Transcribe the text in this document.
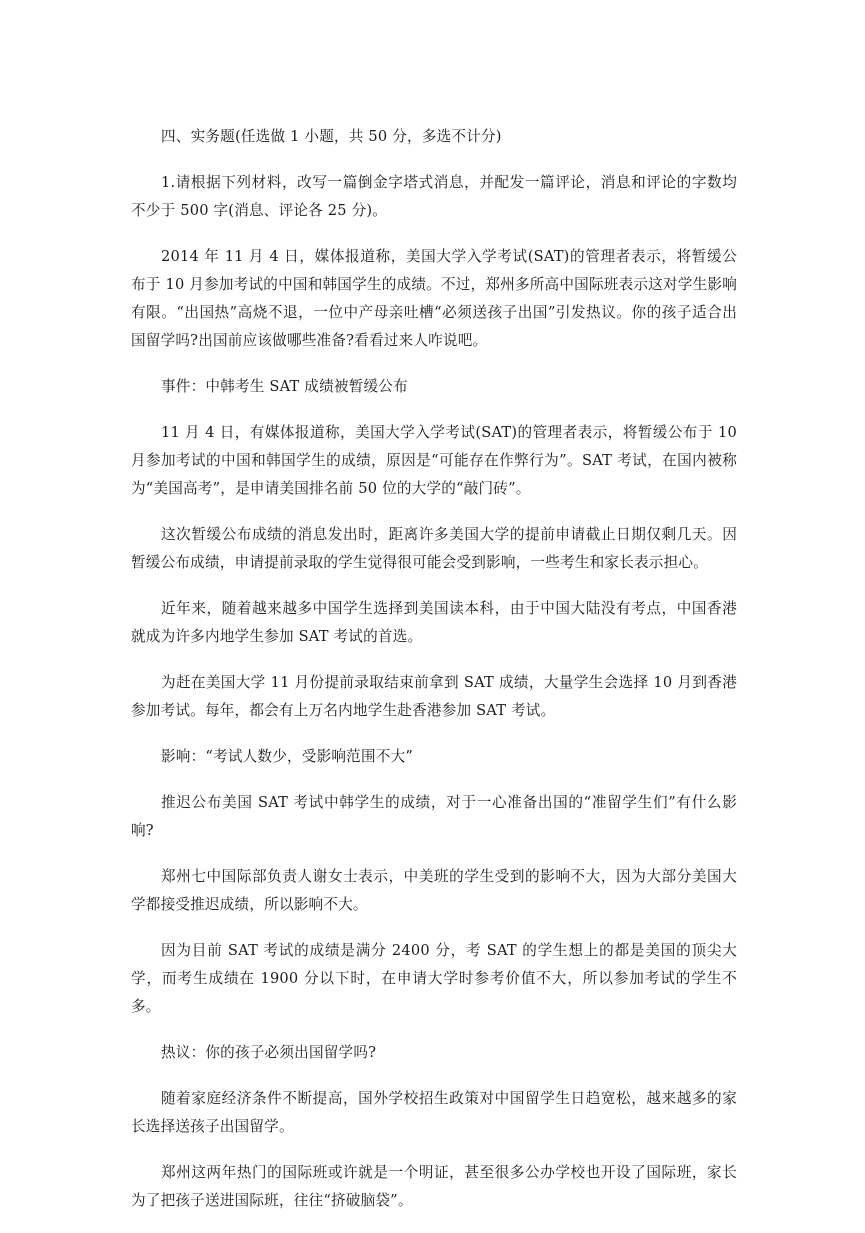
四、实务题(任选做 1 小题，共 50 分，多选不计分)

1.请根据下列材料，改写一篇倒金字塔式消息，并配发一篇评论，消息和评论的字数均不少于 500 字(消息、评论各 25 分)。

2014 年 11 月 4 日，媒体报道称，美国大学入学考试(SAT)的管理者表示，将暂缓公布于 10 月参加考试的中国和韩国学生的成绩。不过，郑州多所高中国际班表示这对学生影响有限。“出国热”高烧不退，一位中产母亲吐槽“必须送孩子出国”引发热议。你的孩子适合出国留学吗?出国前应该做哪些准备?看看过来人咋说吧。

事件：中韩考生 SAT 成绩被暂缓公布

11 月 4 日，有媒体报道称，美国大学入学考试(SAT)的管理者表示，将暂缓公布于 10 月参加考试的中国和韩国学生的成绩，原因是“可能存在作弊行为”。SAT 考试，在国内被称为“美国高考”，是申请美国排名前 50 位的大学的“敲门砖”。

这次暂缓公布成绩的消息发出时，距离许多美国大学的提前申请截止日期仅剩几天。因暂缓公布成绩，申请提前录取的学生觉得很可能会受到影响，一些考生和家长表示担心。

近年来，随着越来越多中国学生选择到美国读本科，由于中国大陆没有考点，中国香港就成为许多内地学生参加 SAT 考试的首选。

为赶在美国大学 11 月份提前录取结束前拿到 SAT 成绩，大量学生会选择 10 月到香港参加考试。每年，都会有上万名内地学生赴香港参加 SAT 考试。

影响：“考试人数少，受影响范围不大”

推迟公布美国 SAT 考试中韩学生的成绩，对于一心准备出国的“准留学生们”有什么影响?

郑州七中国际部负责人谢女士表示，中美班的学生受到的影响不大，因为大部分美国大学都接受推迟成绩，所以影响不大。

因为目前 SAT 考试的成绩是满分 2400 分，考 SAT 的学生想上的都是美国的顶尖大学，而考生成绩在 1900 分以下时，在申请大学时参考价值不大，所以参加考试的学生不多。

热议：你的孩子必须出国留学吗?

随着家庭经济条件不断提高，国外学校招生政策对中国留学生日趋宽松，越来越多的家长选择送孩子出国留学。

郑州这两年热门的国际班或许就是一个明证，甚至很多公办学校也开设了国际班，家长为了把孩子送进国际班，往往“挤破脑袋”。
